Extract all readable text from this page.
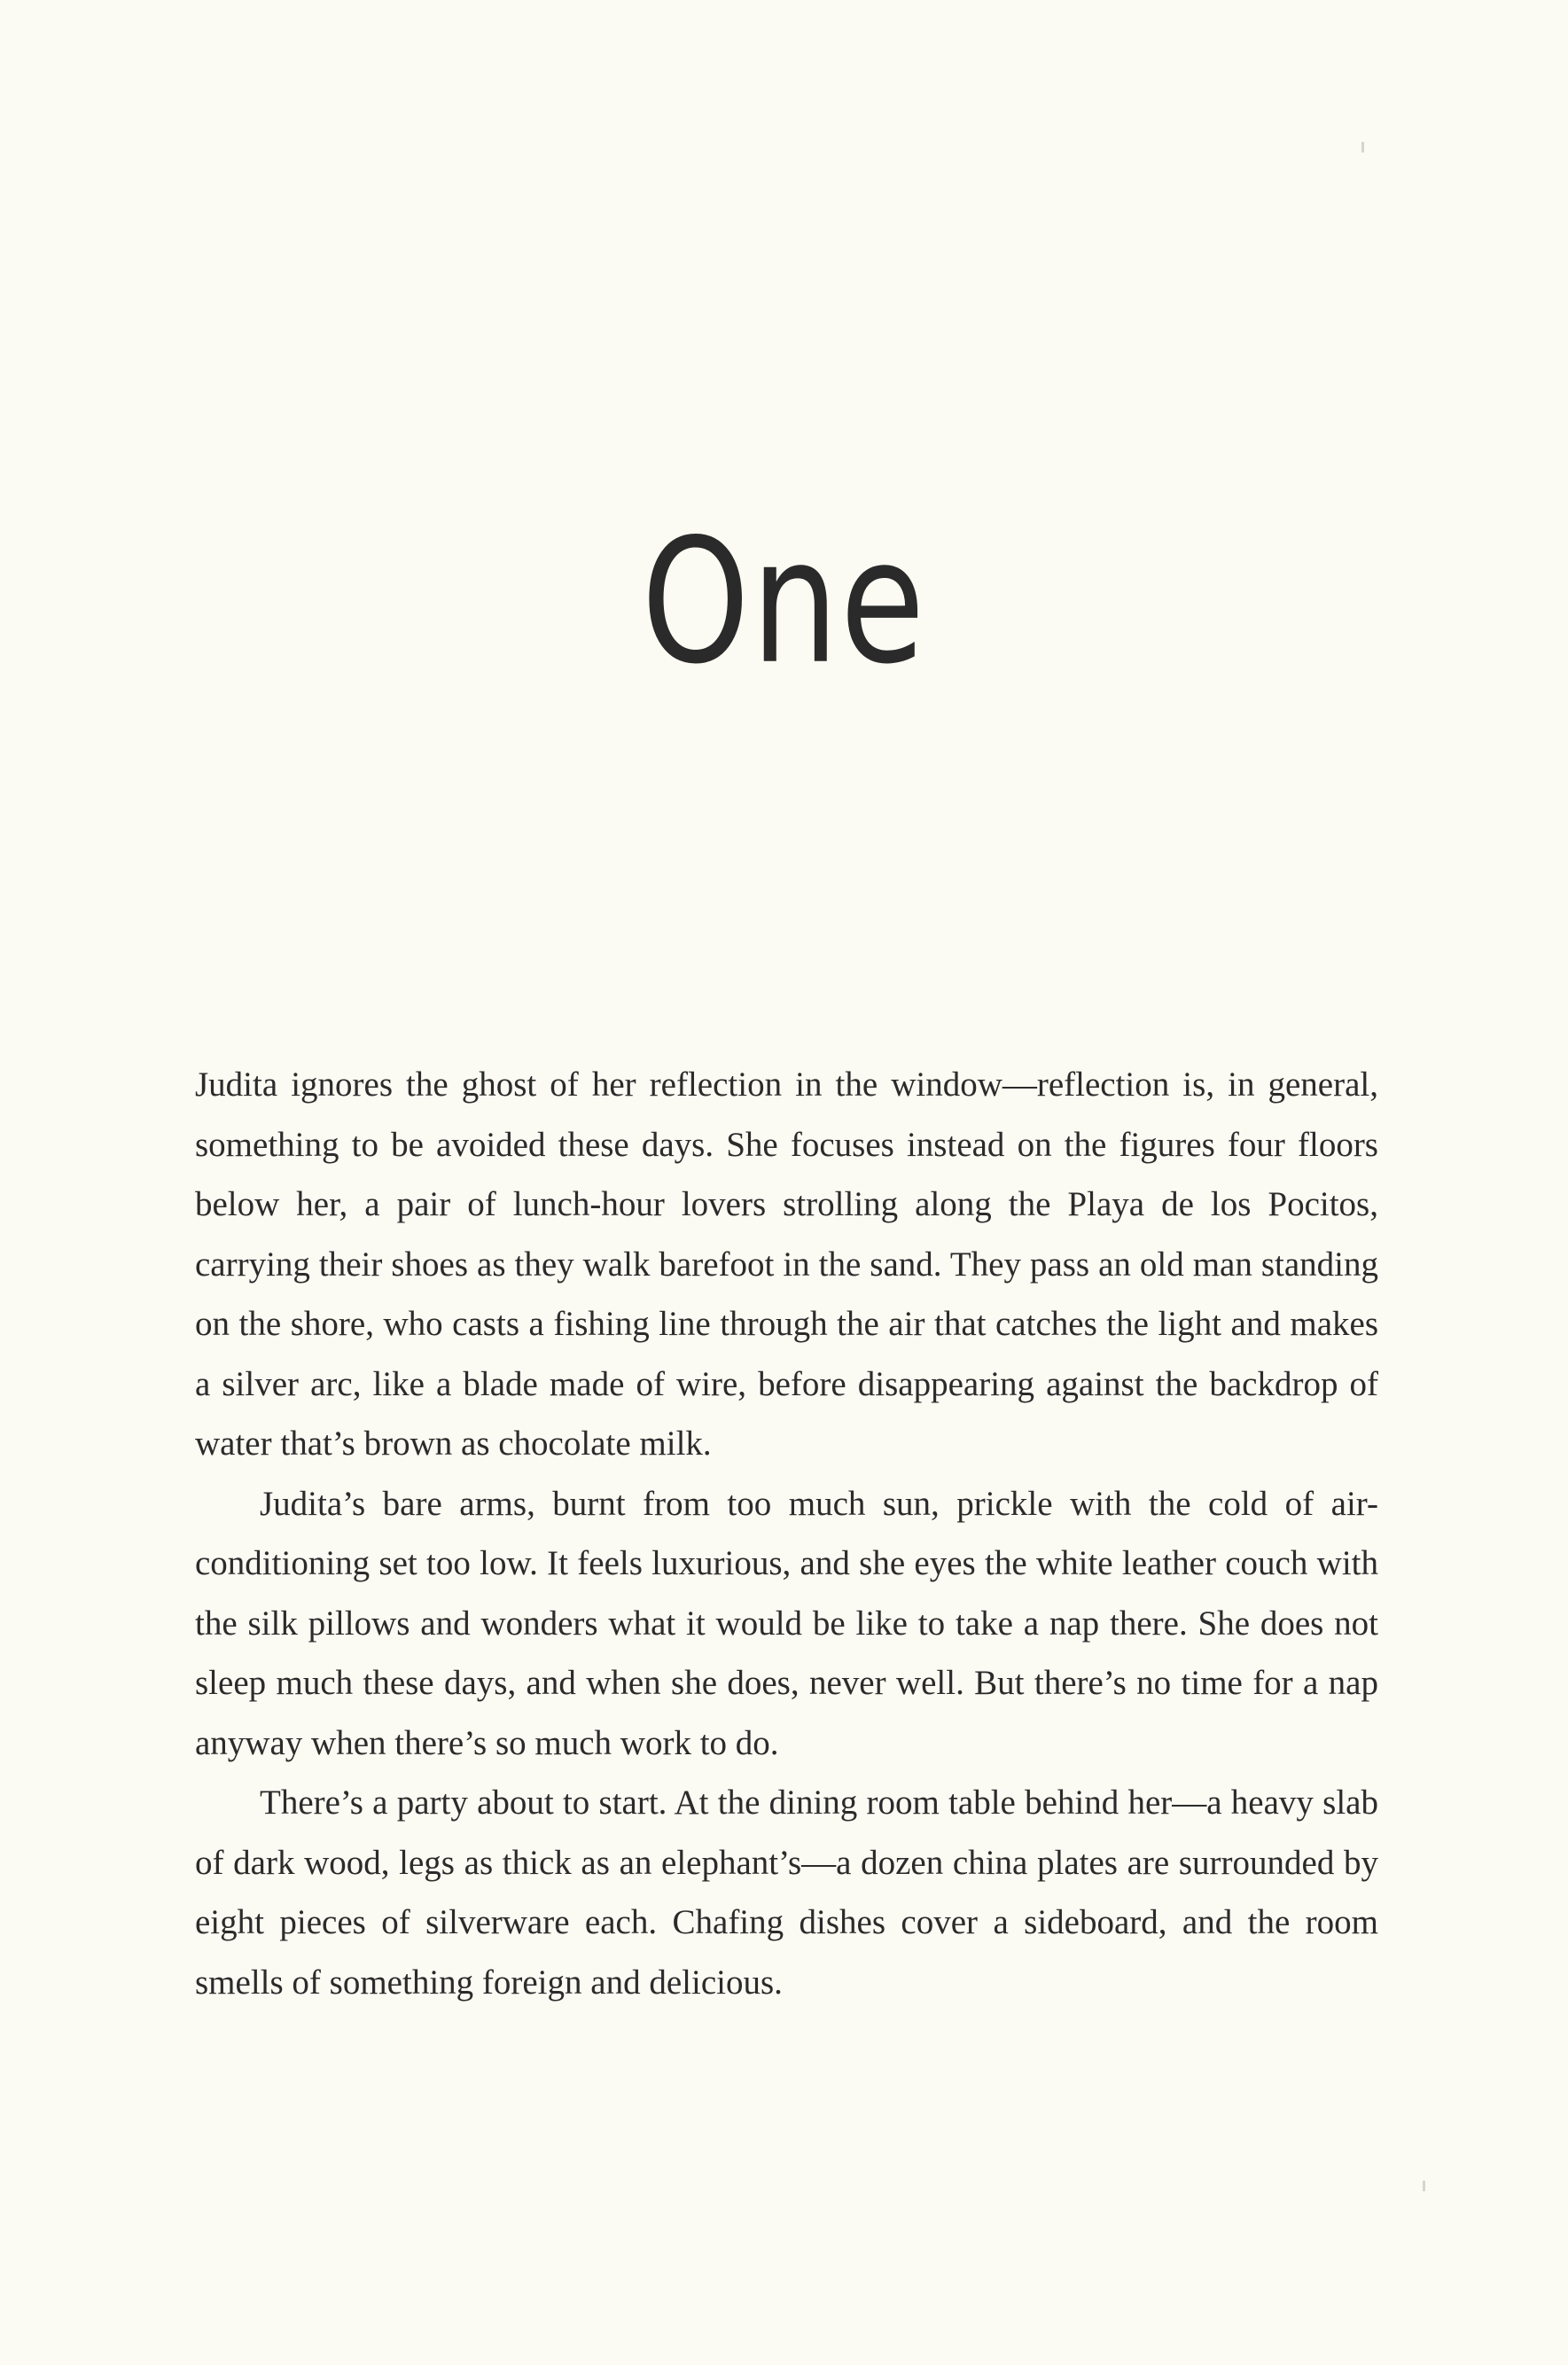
One

Judita ignores the ghost of her reflection in the window—reflection is, in general, something to be avoided these days. She focuses instead on the figures four floors below her, a pair of lunch-hour lovers strolling along the Playa de los Pocitos, carrying their shoes as they walk barefoot in the sand. They pass an old man standing on the shore, who casts a fishing line through the air that catches the light and makes a silver arc, like a blade made of wire, before disappearing against the backdrop of water that’s brown as chocolate milk.

Judita’s bare arms, burnt from too much sun, prickle with the cold of air-conditioning set too low. It feels luxurious, and she eyes the white leather couch with the silk pillows and wonders what it would be like to take a nap there. She does not sleep much these days, and when she does, never well. But there’s no time for a nap anyway when there’s so much work to do.

There’s a party about to start. At the dining room table behind her—a heavy slab of dark wood, legs as thick as an elephant’s—a dozen china plates are surrounded by eight pieces of silverware each. Chafing dishes cover a sideboard, and the room smells of something foreign and delicious.
